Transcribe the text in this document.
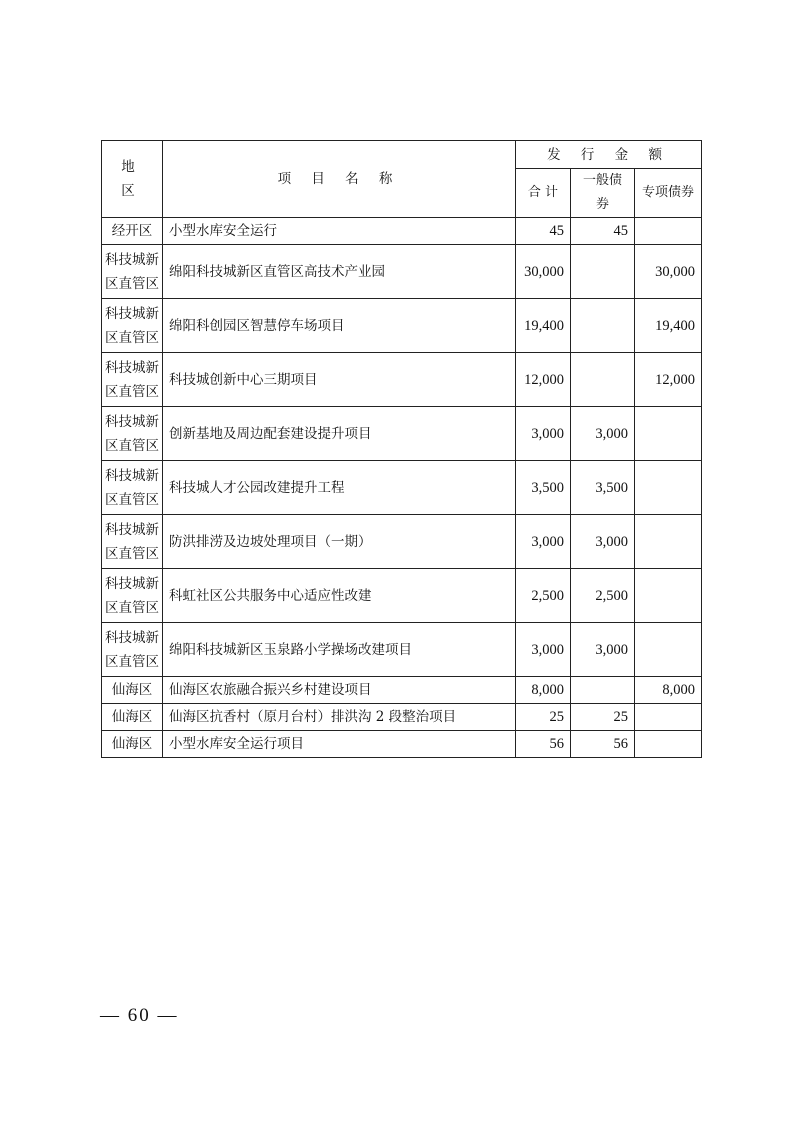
地 区	项 目 名 称	发 行 金 额		
		合 计	一般债券	专项债券

经开区	小型水库安全运行	45	45	

科技城新
区直管区	绵阳科技城新区直管区高技术产业园	30,000		30,000

科技城新
区直管区	绵阳科创园区智慧停车场项目	19,400		19,400

科技城新
区直管区	科技城创新中心三期项目	12,000		12,000

科技城新
区直管区	创新基地及周边配套建设提升项目	3,000	3,000	

科技城新
区直管区	科技城人才公园改建提升工程	3,500	3,500	

科技城新
区直管区	防洪排涝及边坡处理项目（一期）	3,000	3,000	

科技城新
区直管区	科虹社区公共服务中心适应性改建	2,500	2,500	

科技城新
区直管区	绵阳科技城新区玉泉路小学操场改建项目	3,000	3,000	

仙海区	仙海区农旅融合振兴乡村建设项目	8,000		8,000

仙海区	仙海区抗香村（原月台村）排洪沟 2 段整治项目	25	25	

仙海区	小型水库安全运行项目	56	56	
— 60 —
